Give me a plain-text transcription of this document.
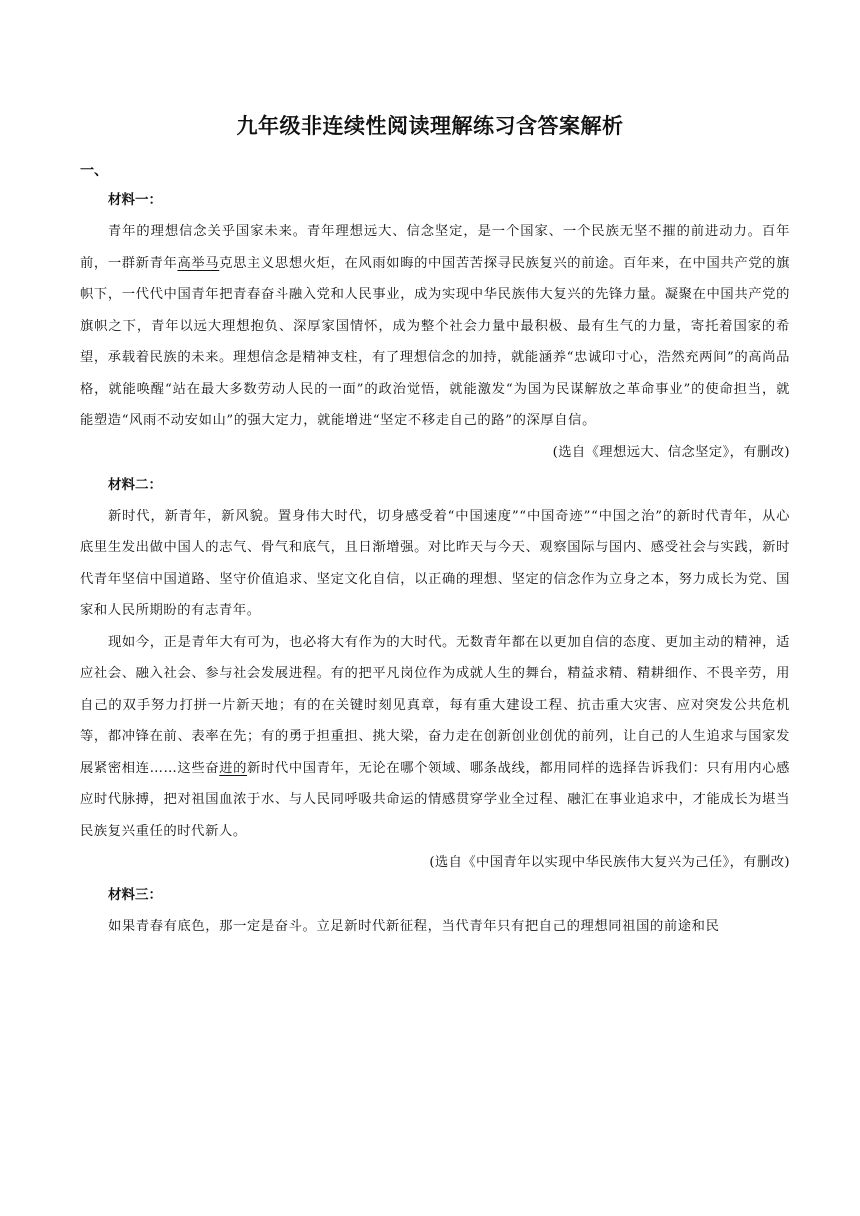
九年级非连续性阅读理解练习含答案解析
一、

材料一：

青年的理想信念关乎国家未来。青年理想远大、信念坚定，是一个国家、一个民族无坚不摧的前进动力。百年前，一群新青年高举马克思主义思想火炬，在风雨如晦的中国苦苦探寻民族复兴的前途。百年来，在中国共产党的旗帜下，一代代中国青年把青春奋斗融入党和人民事业，成为实现中华民族伟大复兴的先锋力量。凝聚在中国共产党的旗帜之下，青年以远大理想抱负、深厚家国情怀，成为整个社会力量中最积极、最有生气的力量，寄托着国家的希望，承载着民族的未来。理想信念是精神支柱，有了理想信念的加持，就能涵养“忠诚印寸心，浩然充两间”的高尚品格，就能唤醒“站在最大多数劳动人民的一面”的政治觉悟，就能激发“为国为民谋解放之革命事业”的使命担当，就能塑造“风雨不动安如山”的强大定力，就能增进“坚定不移走自己的路”的深厚自信。

(选自《理想远大、信念坚定》，有删改)

材料二：

新时代，新青年，新风貌。置身伟大时代，切身感受着“中国速度”“中国奇迹”“中国之治”的新时代青年，从心底里生发出做中国人的志气、骨气和底气，且日渐增强。对比昨天与今天、观察国际与国内、感受社会与实践，新时代青年坚信中国道路、坚守价值追求、坚定文化自信，以正确的理想、坚定的信念作为立身之本，努力成长为党、国家和人民所期盼的有志青年。

现如今，正是青年大有可为，也必将大有作为的大时代。无数青年都在以更加自信的态度、更加主动的精神，适应社会、融入社会、参与社会发展进程。有的把平凡岗位作为成就人生的舞台，精益求精、精耕细作、不畏辛劳，用自己的双手努力打拼一片新天地；有的在关键时刻见真章，每有重大建设工程、抗击重大灾害、应对突发公共危机等，都冲锋在前、表率在先；有的勇于担重担、挑大梁，奋力走在创新创业创优的前列，让自己的人生追求与国家发展紧密相连……这些奋进的新时代中国青年，无论在哪个领域、哪条战线，都用同样的选择告诉我们：只有用内心感应时代脉搏，把对祖国血浓于水、与人民同呼吸共命运的情感贯穿学业全过程、融汇在事业追求中，才能成长为堪当民族复兴重任的时代新人。

(选自《中国青年以实现中华民族伟大复兴为己任》，有删改)

材料三：

如果青春有底色，那一定是奋斗。立足新时代新征程，当代青年只有把自己的理想同祖国的前途和民
